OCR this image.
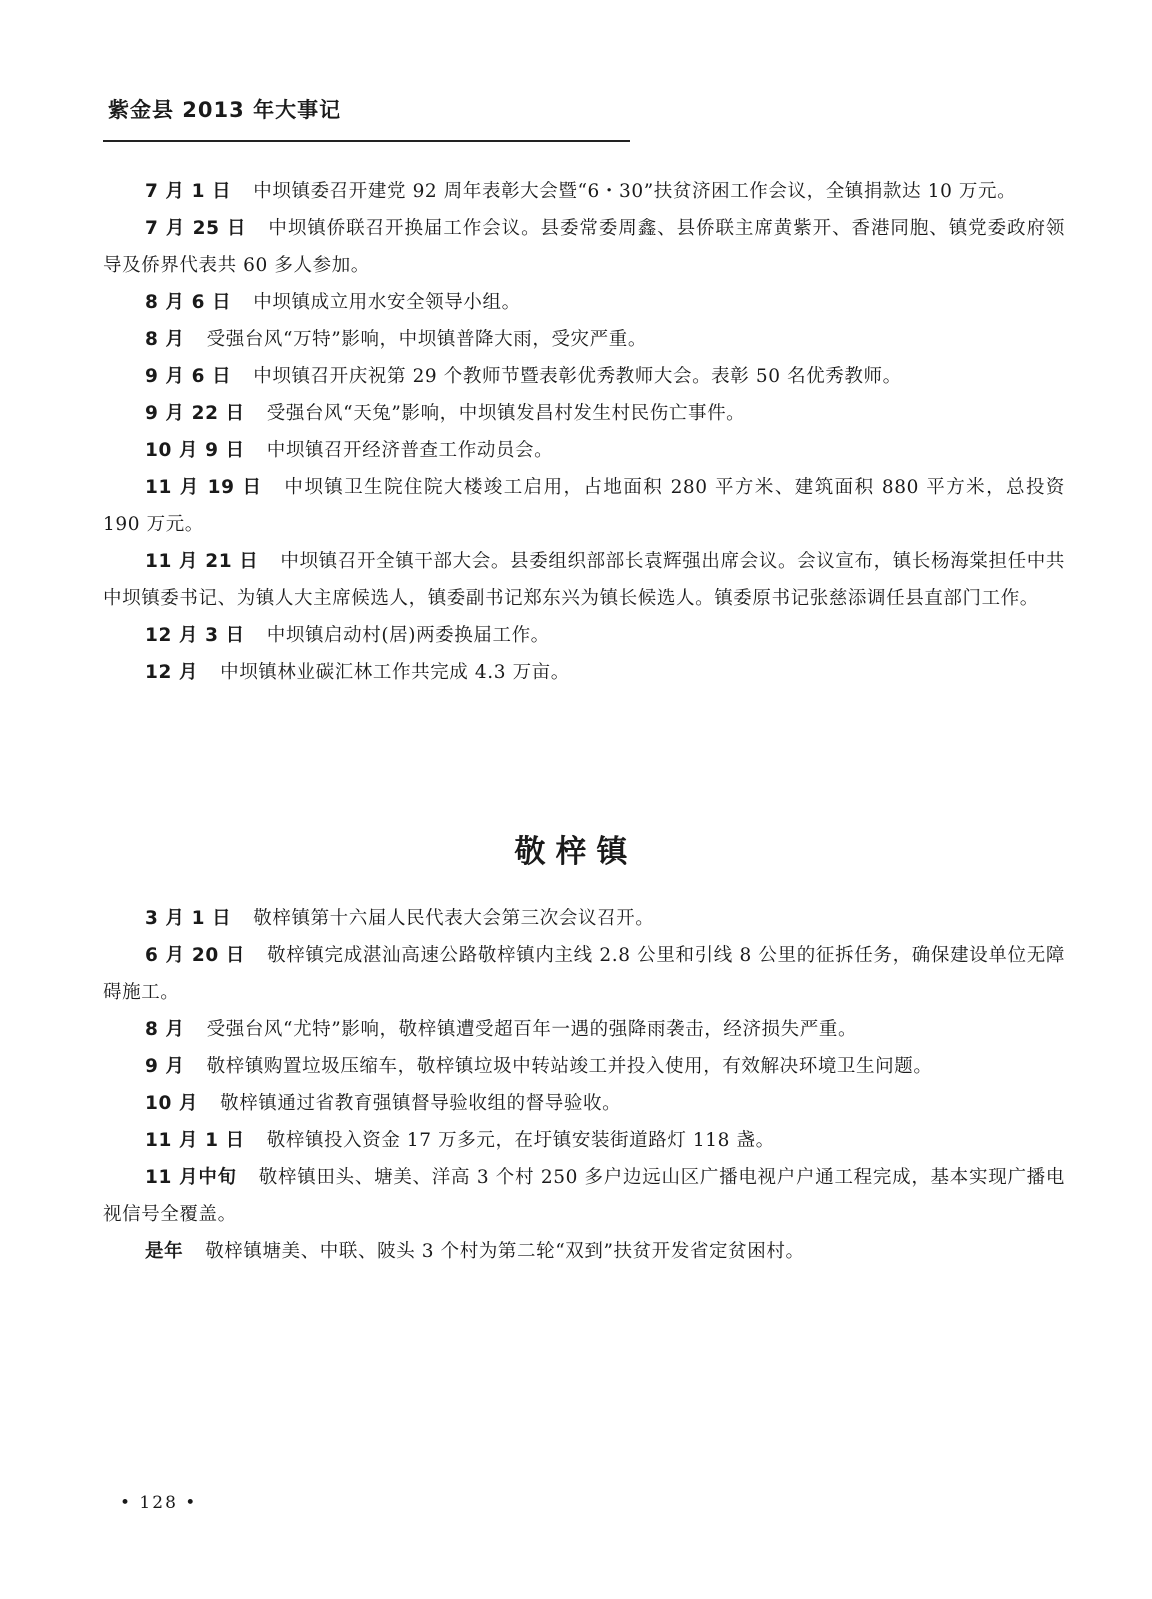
紫金县 2013 年大事记

7 月 1 日 中坝镇委召开建党 92 周年表彰大会暨“6・30”扶贫济困工作会议，全镇捐款达 10 万元。

7 月 25 日 中坝镇侨联召开换届工作会议。县委常委周鑫、县侨联主席黄紫开、香港同胞、镇党委政府领导及侨界代表共 60 多人参加。

8 月 6 日 中坝镇成立用水安全领导小组。

8 月 受强台风“万特”影响，中坝镇普降大雨，受灾严重。

9 月 6 日 中坝镇召开庆祝第 29 个教师节暨表彰优秀教师大会。表彰 50 名优秀教师。

9 月 22 日 受强台风“天兔”影响，中坝镇发昌村发生村民伤亡事件。

10 月 9 日 中坝镇召开经济普查工作动员会。

11 月 19 日 中坝镇卫生院住院大楼竣工启用，占地面积 280 平方米、建筑面积 880 平方米，总投资 190 万元。

11 月 21 日 中坝镇召开全镇干部大会。县委组织部部长袁辉强出席会议。会议宣布，镇长杨海棠担任中共中坝镇委书记、为镇人大主席候选人，镇委副书记郑东兴为镇长候选人。镇委原书记张慈添调任县直部门工作。

12 月 3 日 中坝镇启动村(居)两委换届工作。

12 月 中坝镇林业碳汇林工作共完成 4.3 万亩。

敬梓镇

3 月 1 日 敬梓镇第十六届人民代表大会第三次会议召开。

6 月 20 日 敬梓镇完成湛汕高速公路敬梓镇内主线 2.8 公里和引线 8 公里的征拆任务，确保建设单位无障碍施工。

8 月 受强台风“尤特”影响，敬梓镇遭受超百年一遇的强降雨袭击，经济损失严重。

9 月 敬梓镇购置垃圾压缩车，敬梓镇垃圾中转站竣工并投入使用，有效解决环境卫生问题。

10 月 敬梓镇通过省教育强镇督导验收组的督导验收。

11 月 1 日 敬梓镇投入资金 17 万多元，在圩镇安装街道路灯 118 盏。

11 月中旬 敬梓镇田头、塘美、洋高 3 个村 250 多户边远山区广播电视户户通工程完成，基本实现广播电视信号全覆盖。

是年 敬梓镇塘美、中联、陂头 3 个村为第二轮“双到”扶贫开发省定贫困村。

• 128 •
